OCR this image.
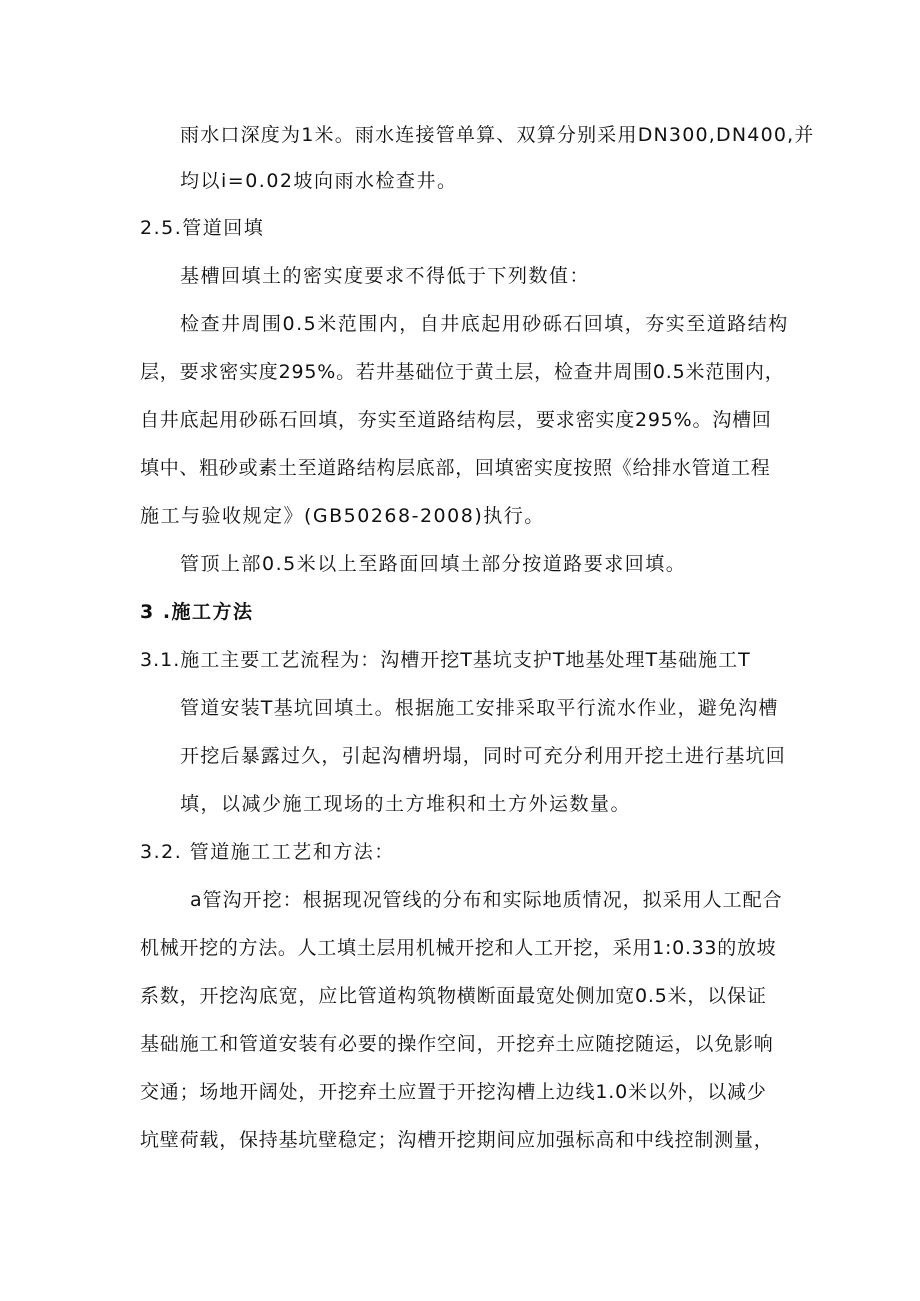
雨水口深度为1米。雨水连接管单算、双算分别采用DN300,DN400,并
均以i=0.02坡向雨水检查井。
2.5.管道回填
基槽回填土的密实度要求不得低于下列数值：
检查井周围0.5米范围内，自井底起用砂砾石回填，夯实至道路结构
层，要求密实度295%。若井基础位于黄土层，检查井周围0.5米范围内，
自井底起用砂砾石回填，夯实至道路结构层，要求密实度295%。沟槽回
填中、粗砂或素土至道路结构层底部，回填密实度按照《给排水管道工程
施工与验收规定》(GB50268-2008)执行。
管顶上部0.5米以上至路面回填土部分按道路要求回填。
3 .施工方法
3.1.施工主要工艺流程为：沟槽开挖T基坑支护T地基处理T基础施工T
管道安装T基坑回填土。根据施工安排采取平行流水作业，避免沟槽
开挖后暴露过久，引起沟槽坍塌，同时可充分利用开挖土进行基坑回
填，以减少施工现场的土方堆积和土方外运数量。
3.2. 管道施工工艺和方法：
a管沟开挖：根据现况管线的分布和实际地质情况，拟采用人工配合
机械开挖的方法。人工填土层用机械开挖和人工开挖，采用1:0.33的放坡
系数，开挖沟底宽，应比管道构筑物横断面最宽处侧加宽0.5米，以保证
基础施工和管道安装有必要的操作空间，开挖弃土应随挖随运，以免影响
交通；场地开阔处，开挖弃土应置于开挖沟槽上边线1.0米以外，以减少
坑壁荷载，保持基坑壁稳定；沟槽开挖期间应加强标高和中线控制测量，
